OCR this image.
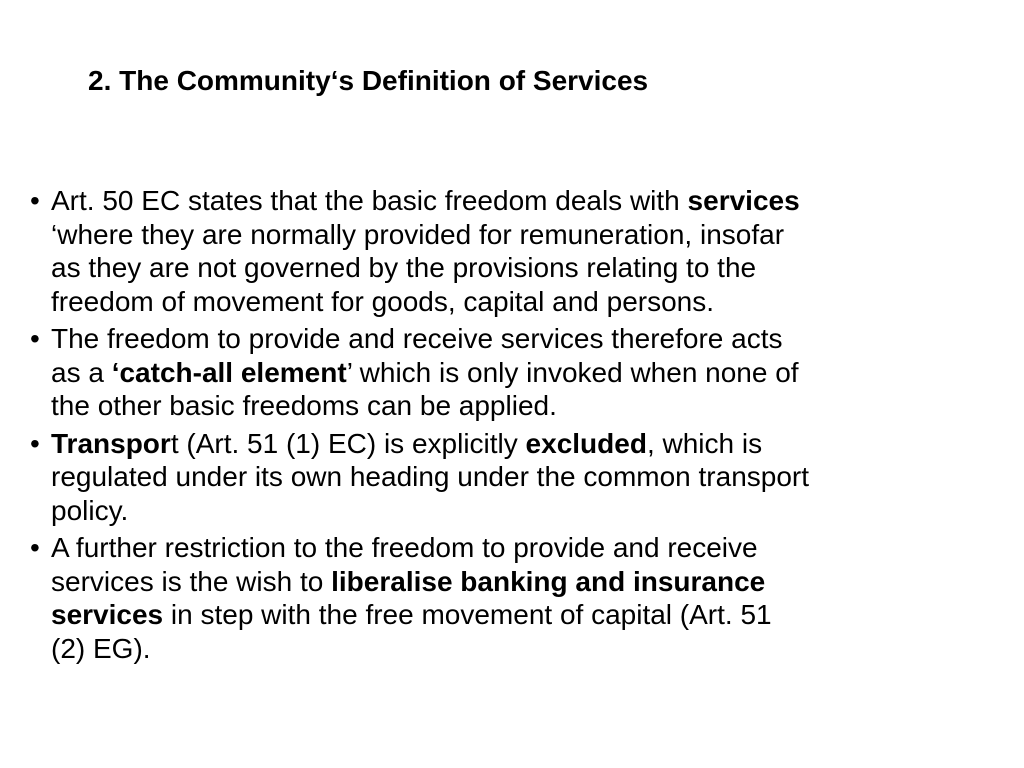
2. The Community‘s Definition of Services
• Art. 50 EC states that the basic freedom deals with services
‘where they are normally provided for remuneration, insofar
as they are not governed by the provisions relating to the
freedom of movement for goods, capital and persons.
• The freedom to provide and receive services therefore acts
as a ‘catch-all element’ which is only invoked when none of
the other basic freedoms can be applied.
• Transport (Art. 51 (1) EC) is explicitly excluded, which is
regulated under its own heading under the common transport
policy.
• A further restriction to the freedom to provide and receive
services is the wish to liberalise banking and insurance
services in step with the free movement of capital (Art. 51
(2) EG).
